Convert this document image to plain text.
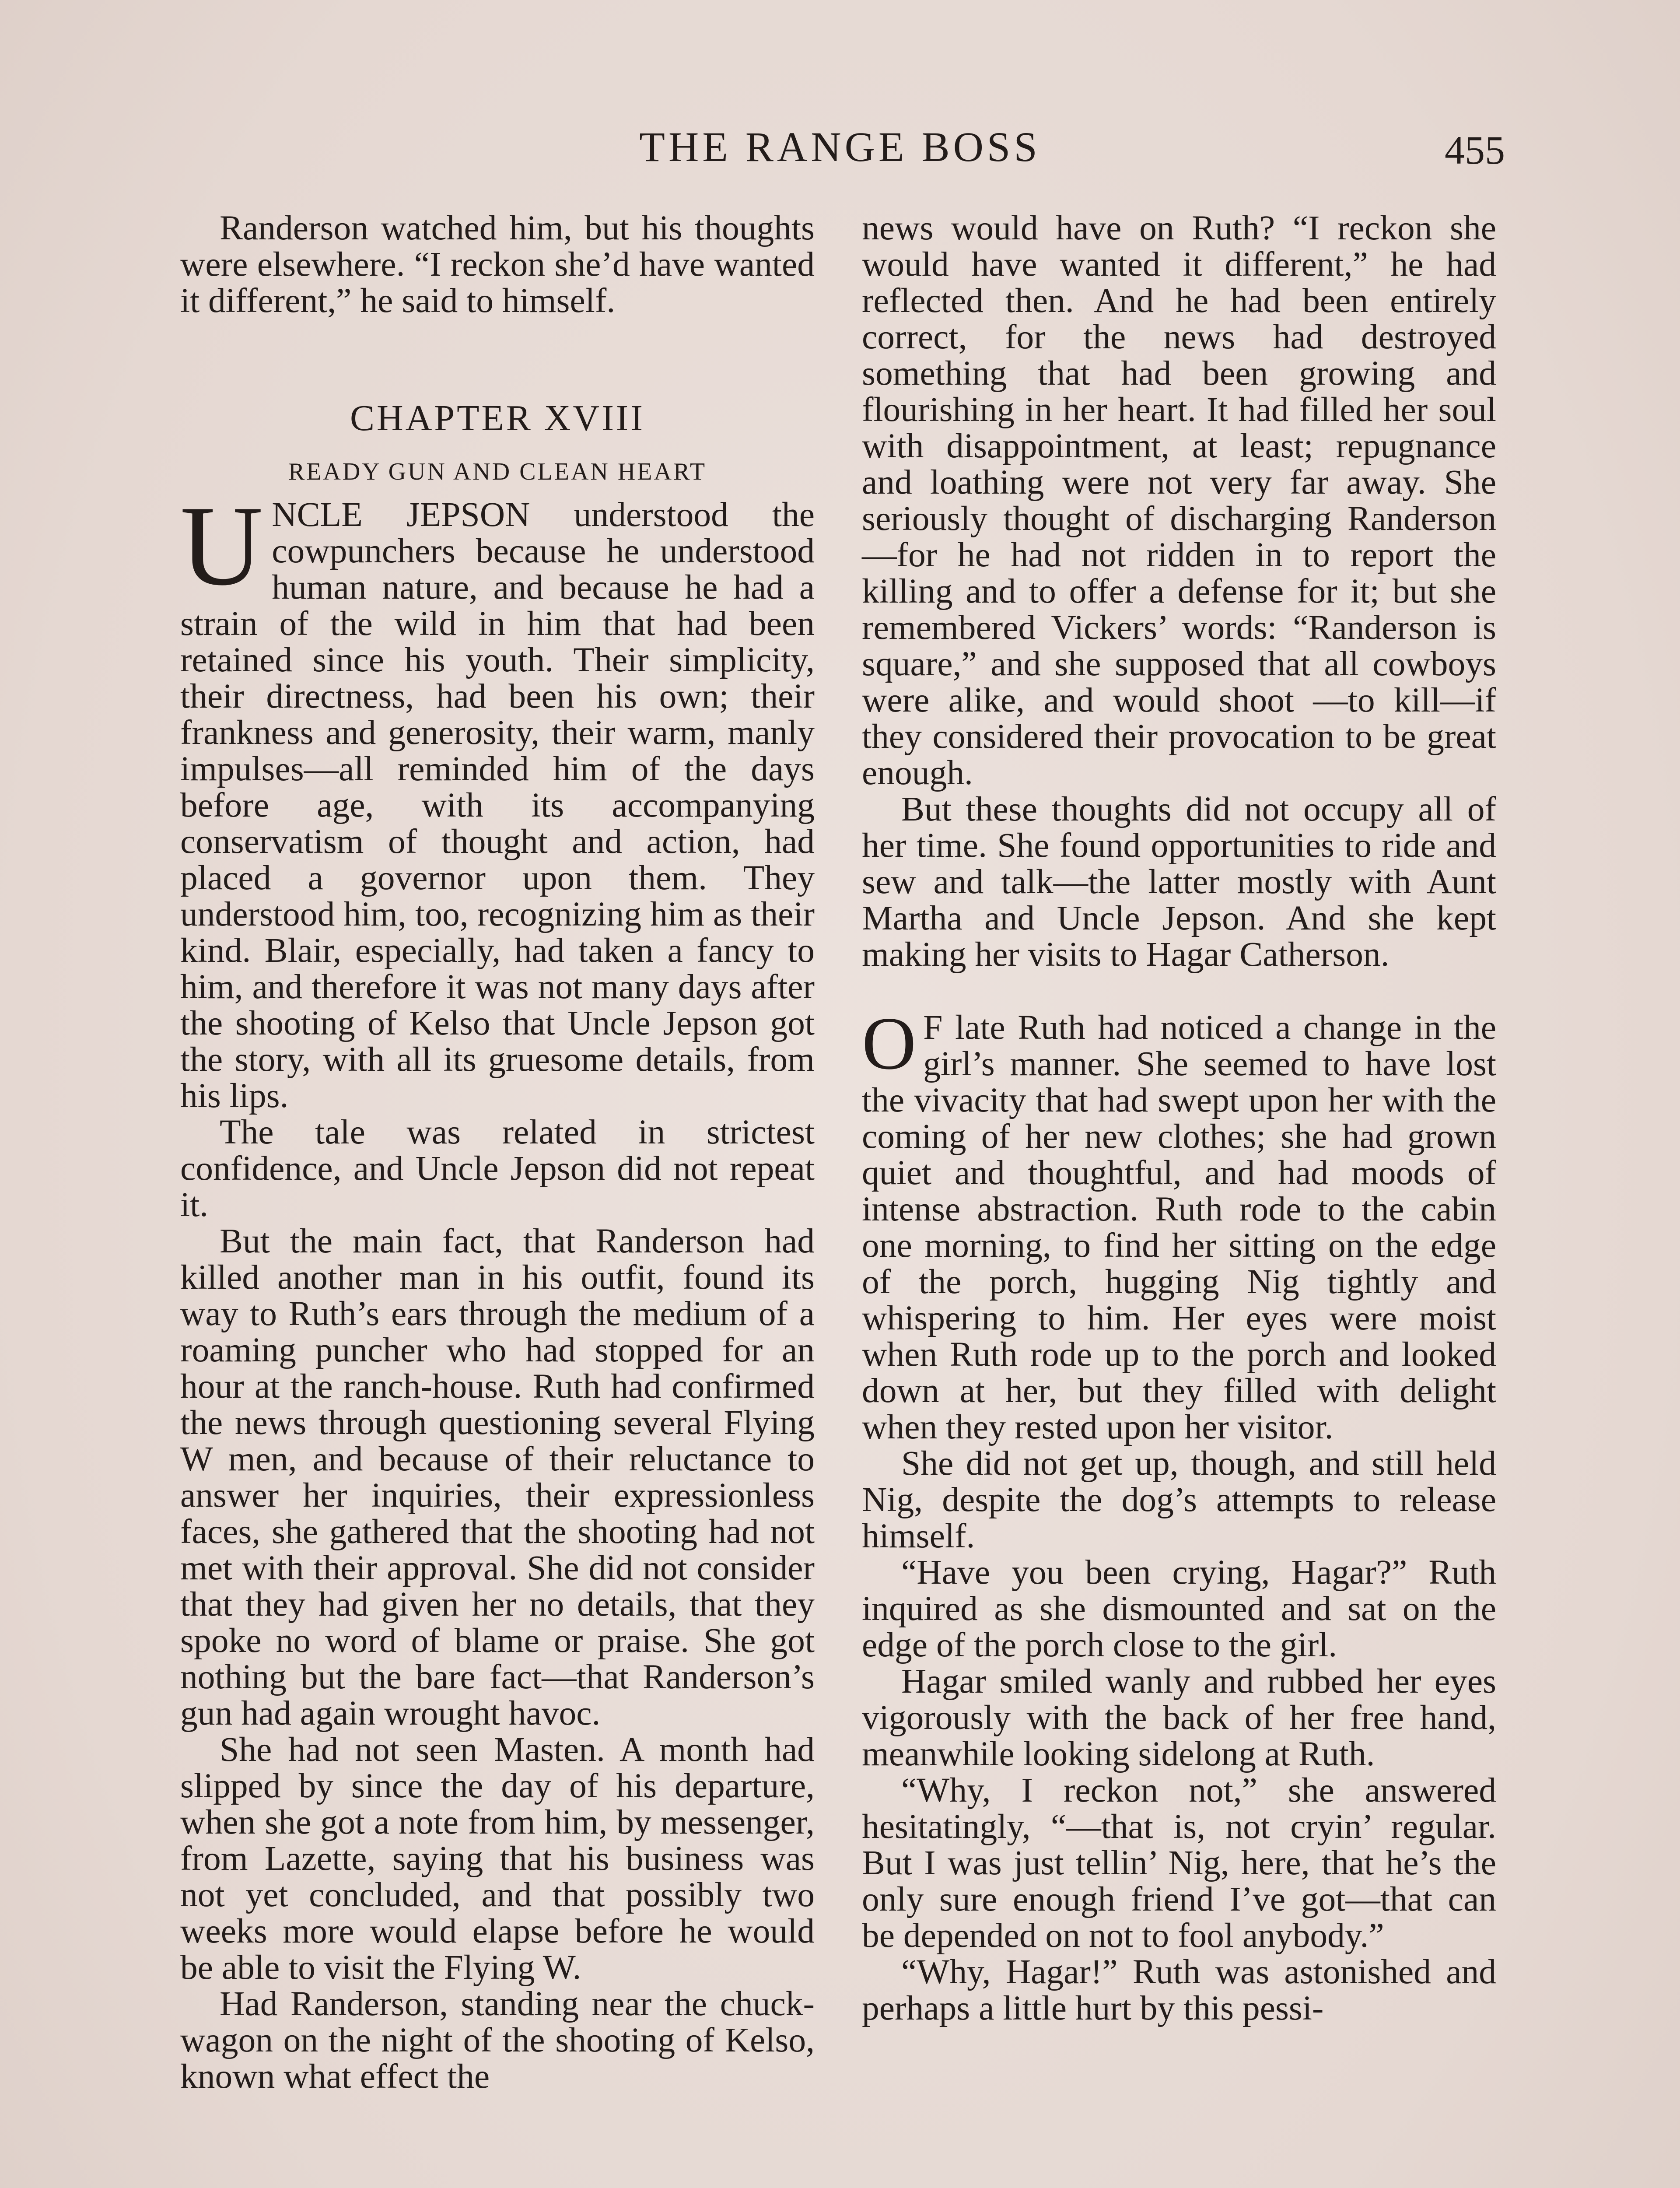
THE RANGE BOSS	455

Randerson watched him, but his thoughts were elsewhere. “I reckon she’d have wanted it different,” he said to himself.

CHAPTER XVIII
READY GUN AND CLEAN HEART

UNCLE JEPSON understood the cowpunchers because he understood human nature, and because he had a strain of the wild in him that had been retained since his youth. Their simplicity, their directness, had been his own; their frankness and generosity, their warm, manly impulses—all reminded him of the days before age, with its accompanying conservatism of thought and action, had placed a governor upon them. They understood him, too, recognizing him as their kind. Blair, especially, had taken a fancy to him, and therefore it was not many days after the shooting of Kelso that Uncle Jepson got the story, with all its gruesome details, from his lips.

The tale was related in strictest confidence, and Uncle Jepson did not repeat it.

But the main fact, that Randerson had killed another man in his outfit, found its way to Ruth’s ears through the medium of a roaming puncher who had stopped for an hour at the ranch-house. Ruth had confirmed the news through questioning several Flying W men, and because of their reluctance to answer her inquiries, their expressionless faces, she gathered that the shooting had not met with their approval. She did not consider that they had given her no details, that they spoke no word of blame or praise. She got nothing but the bare fact—that Randerson’s gun had again wrought havoc.

She had not seen Masten. A month had slipped by since the day of his departure, when she got a note from him, by messenger, from Lazette, saying that his business was not yet concluded, and that possibly two weeks more would elapse before he would be able to visit the Flying W.

Had Randerson, standing near the chuck-wagon on the night of the shooting of Kelso, known what effect the

news would have on Ruth? “I reckon she would have wanted it different,” he had reflected then. And he had been entirely correct, for the news had destroyed something that had been growing and flourishing in her heart. It had filled her soul with disappointment, at least; repugnance and loathing were not very far away. She seriously thought of discharging Randerson—for he had not ridden in to report the killing and to offer a defense for it; but she remembered Vickers’ words: “Randerson is square,” and she supposed that all cowboys were alike, and would shoot —to kill—if they considered their provocation to be great enough.

But these thoughts did not occupy all of her time. She found opportunities to ride and sew and talk—the latter mostly with Aunt Martha and Uncle Jepson. And she kept making her visits to Hagar Catherson.

O F late Ruth had noticed a change in the girl’s manner. She seemed to have lost the vivacity that had swept upon her with the coming of her new clothes; she had grown quiet and thoughtful, and had moods of intense abstraction. Ruth rode to the cabin one morning, to find her sitting on the edge of the porch, hugging Nig tightly and whispering to him. Her eyes were moist when Ruth rode up to the porch and looked down at her, but they filled with delight when they rested upon her visitor.

She did not get up, though, and still held Nig, despite the dog’s attempts to release himself.

“Have you been crying, Hagar?” Ruth inquired as she dismounted and sat on the edge of the porch close to the girl.

Hagar smiled wanly and rubbed her eyes vigorously with the back of her free hand, meanwhile looking sidelong at Ruth.

“Why, I reckon not,” she answered hesitatingly, “—that is, not cryin’ regular. But I was just tellin’ Nig, here, that he’s the only sure enough friend I’ve got—that can be depended on not to fool anybody.”

“Why, Hagar!” Ruth was astonished and perhaps a little hurt by this pessi-
